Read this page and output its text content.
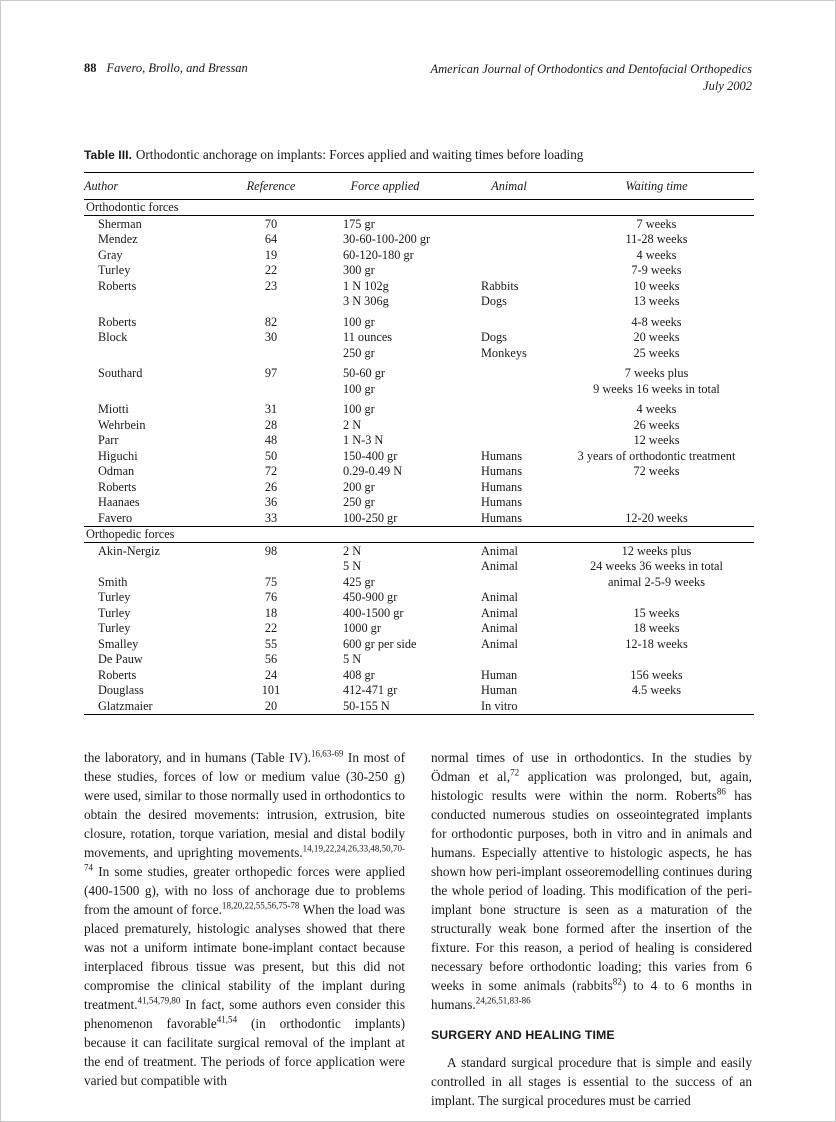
88 Favero, Brollo, and Bressan	American Journal of Orthodontics and Dentofacial Orthopedics
July 2002
Table III. Orthodontic anchorage on implants: Forces applied and waiting times before loading
Author	Reference	Force applied	Animal	Waiting time
Orthodontic forces				
Sherman	70	175 gr		7 weeks
Mendez	64	30-60-100-200 gr		11-28 weeks
Gray	19	60-120-180 gr		4 weeks
Turley	22	300 gr		7-9 weeks
Roberts	23	1 N 102g	Rabbits	10 weeks
		3 N 306g	Dogs	13 weeks

Roberts	82	100 gr		4-8 weeks
Block	30	11 ounces	Dogs	20 weeks
		250 gr	Monkeys	25 weeks

Southard	97	50-60 gr		7 weeks plus
		100 gr		9 weeks 16 weeks in total

Miotti	31	100 gr		4 weeks
Wehrbein	28	2 N		26 weeks
Parr	48	1 N-3 N		12 weeks
Higuchi	50	150-400 gr	Humans	3 years of orthodontic treatment
Odman	72	0.29-0.49 N	Humans	72 weeks
Roberts	26	200 gr	Humans	
Haanaes	36	250 gr	Humans	
Favero	33	100-250 gr	Humans	12-20 weeks
Orthopedic forces				
Akin-Nergiz	98	2 N	Animal	12 weeks plus
		5 N	Animal	24 weeks 36 weeks in total
Smith	75	425 gr		animal 2-5-9 weeks
Turley	76	450-900 gr	Animal	
Turley	18	400-1500 gr	Animal	15 weeks
Turley	22	1000 gr	Animal	18 weeks
Smalley	55	600 gr per side	Animal	12-18 weeks
De Pauw	56	5 N		
Roberts	24	408 gr	Human	156 weeks
Douglass	101	412-471 gr	Human	4.5 weeks
Glatzmaier	20	50-155 N	In vitro	

the laboratory, and in humans (Table IV).$^{16,63-69}$ In most of these studies, forces of low or medium value (30-250 g) were used, similar to those normally used in orthodontics to obtain the desired movements: intrusion, extrusion, bite closure, rotation, torque variation, mesial and distal bodily movements, and uprighting movements.$^{14,19,22,24,26,33,48,50,70-74}$ In some studies, greater orthopedic forces were applied (400-1500 g), with no loss of anchorage due to problems from the amount of force.$^{18,20,22,55,56,75-78}$ When the load was placed prematurely, histologic analyses showed that there was not a uniform intimate bone-implant contact because interplaced fibrous tissue was present, but this did not compromise the clinical stability of the implant during treatment.$^{41,54,79,80}$ In fact, some authors even consider this phenomenon favorable$^{41,54}$ (in orthodontic implants) because it can facilitate surgical removal of the implant at the end of treatment. The periods of force application were varied but compatible with

normal times of use in orthodontics. In the studies by Ödman et al,$^{72}$ application was prolonged, but, again, histologic results were within the norm. Roberts$^{86}$ has conducted numerous studies on osseointegrated implants for orthodontic purposes, both in vitro and in animals and humans. Especially attentive to histologic aspects, he has shown how peri-implant osseoremodelling continues during the whole period of loading. This modification of the peri-implant bone structure is seen as a maturation of the structurally weak bone formed after the insertion of the fixture. For this reason, a period of healing is considered necessary before orthodontic loading; this varies from 6 weeks in some animals (rabbits$^{82}$) to 4 to 6 months in humans.$^{24,26,51,83-86}$

SURGERY AND HEALING TIME

A standard surgical procedure that is simple and easily controlled in all stages is essential to the success of an implant. The surgical procedures must be carried
